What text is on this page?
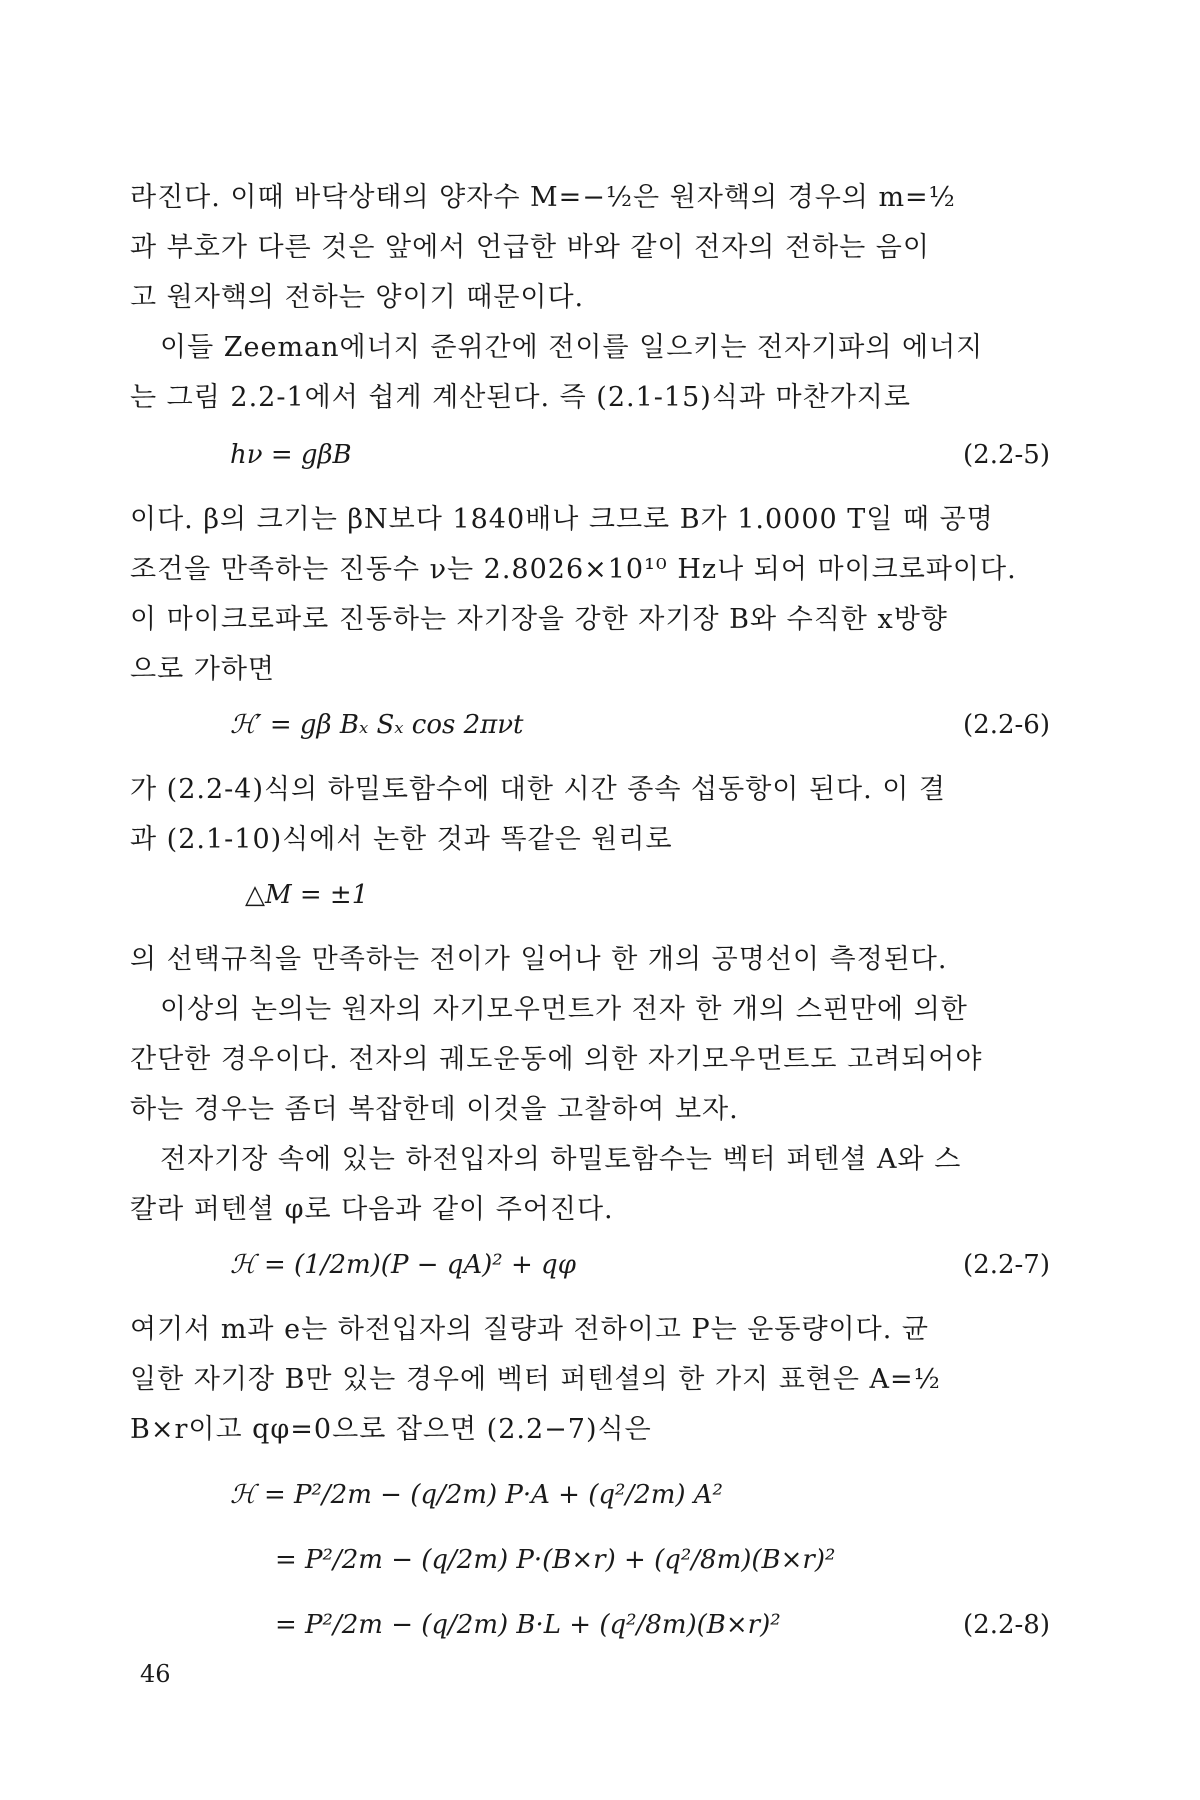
라진다. 이때 바닥상태의 양자수 M=−½은 원자핵의 경우의 m=½
과 부호가 다른 것은 앞에서 언급한 바와 같이 전자의 전하는 음이
고 원자핵의 전하는 양이기 때문이다.
이들 Zeeman에너지 준위간에 전이를 일으키는 전자기파의 에너지
는 그림 2.2-1에서 쉽게 계산된다. 즉 (2.1-15)식과 마찬가지로
hν = gβB	(2.2-5)
이다. β의 크기는 βN보다 1840배나 크므로 B가 1.0000 T일 때 공명
조건을 만족하는 진동수 ν는 2.8026×10¹⁰ Hz나 되어 마이크로파이다.
이 마이크로파로 진동하는 자기장을 강한 자기장 B와 수직한 x방향
으로 가하면
ℋ′ = gβ Bₓ Sₓ cos 2πνt	(2.2-6)
가 (2.2-4)식의 하밀토함수에 대한 시간 종속 섭동항이 된다. 이 결
과 (2.1-10)식에서 논한 것과 똑같은 원리로
△M = ±1
의 선택규칙을 만족하는 전이가 일어나 한 개의 공명선이 측정된다.
이상의 논의는 원자의 자기모우먼트가 전자 한 개의 스핀만에 의한
간단한 경우이다. 전자의 궤도운동에 의한 자기모우먼트도 고려되어야
하는 경우는 좀더 복잡한데 이것을 고찰하여 보자.
전자기장 속에 있는 하전입자의 하밀토함수는 벡터 퍼텐셜 A와 스
칼라 퍼텐셜 φ로 다음과 같이 주어진다.
ℋ = (1/2m)(P − qA)² + qφ	(2.2-7)
여기서 m과 e는 하전입자의 질량과 전하이고 P는 운동량이다. 균
일한 자기장 B만 있는 경우에 벡터 퍼텐셜의 한 가지 표현은 A=½
B×r이고 qφ=0으로 잡으면 (2.2−7)식은
ℋ = P²/2m − (q/2m) P·A + (q²/2m) A²
= P²/2m − (q/2m) P·(B×r) + (q²/8m)(B×r)²
= P²/2m − (q/2m) B·L + (q²/8m)(B×r)²	(2.2-8)
46
